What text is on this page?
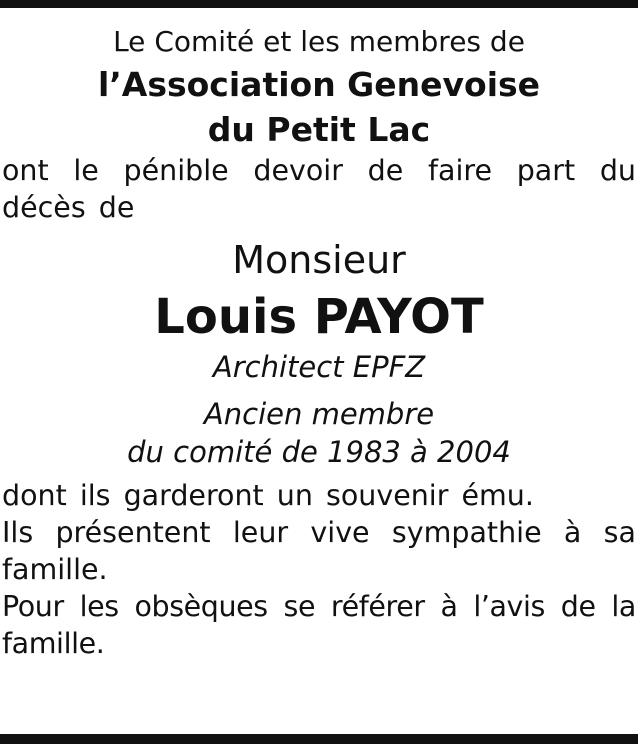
Le Comité et les membres de
l’Association Genevoise
du Petit Lac
ont le pénible devoir de faire part du décès de
Monsieur
Louis PAYOT
Architect EPFZ
Ancien membre
du comité de 1983 à 2004
dont ils garderont un souvenir ému.
Ils présentent leur vive sympathie à sa famille.
Pour les obsèques se référer à l’avis de la famille.
